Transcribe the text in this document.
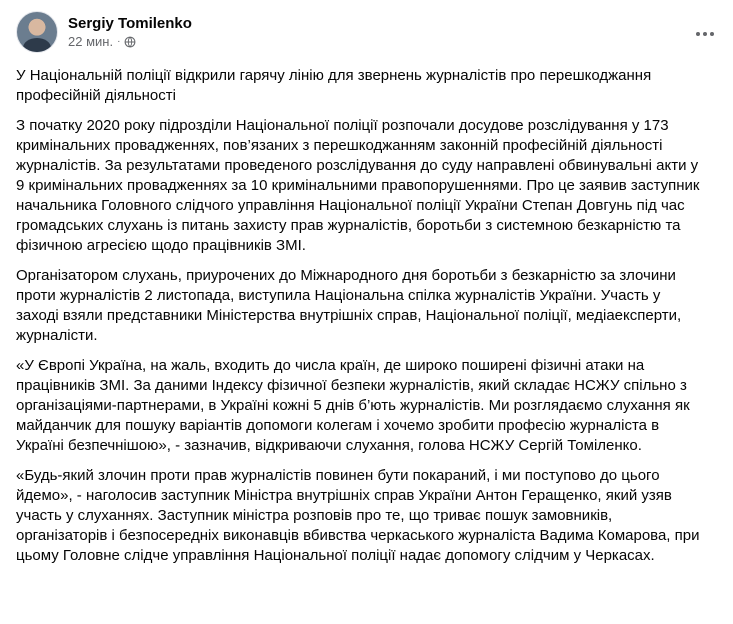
Sergiy Tomilenko
22 мин. ·

У Національній поліції відкрили гарячу лінію для звернень журналістів про перешкоджання професійній діяльності

З початку 2020 року підрозділи Національної поліції розпочали досудове розслідування у 173 кримінальних провадженнях, пов’язаних з перешкоджанням законній професійній діяльності журналістів. За результатами проведеного розслідування до суду направлені обвинувальні акти у 9 кримінальних провадженнях за 10 кримінальними правопорушеннями. Про це заявив заступник начальника Головного слідчого управління Національної поліції України Степан Довгунь під час громадських слухань із питань захисту прав журналістів, боротьби з системною безкарністю та фізичною агресією щодо працівників ЗМІ.

Організатором слухань, приурочених до Міжнародного дня боротьби з безкарністю за злочини проти журналістів 2 листопада, виступила Національна спілка журналістів України. Участь у заході взяли представники Міністерства внутрішніх справ, Національної поліції, медіаексперти, журналісти.

«У Європі Україна, на жаль, входить до числа країн, де широко поширені фізичні атаки на працівників ЗМІ. За даними Індексу фізичної безпеки журналістів, який складає НСЖУ спільно з організаціями-партнерами, в Україні кожні 5 днів б’ють журналістів. Ми розглядаємо слухання як майданчик для пошуку варіантів допомоги колегам і хочемо зробити професію журналіста в Україні безпечнішою», - зазначив, відкриваючи слухання, голова НСЖУ Сергій Томіленко.

«Будь-який злочин проти прав журналістів повинен бути покараний, і ми поступово до цього йдемо», - наголосив заступник Міністра внутрішніх справ України Антон Геращенко, який узяв участь у слуханнях. Заступник міністра розповів про те, що триває пошук замовників, організаторів і безпосередніх виконавців вбивства черкаського журналіста Вадима Комарова, при цьому Головне слідче управління Національної поліції надає допомогу слідчим у Черкасах.
